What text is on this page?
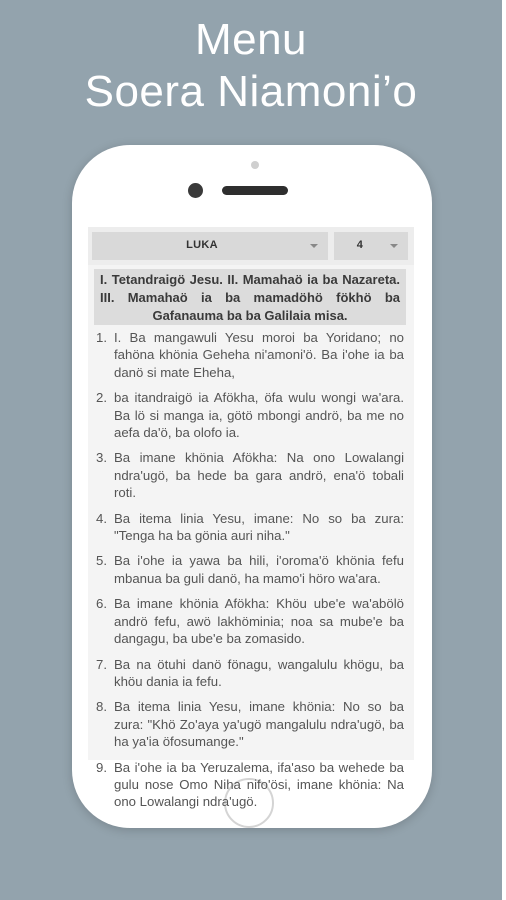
Menu
Soera Niamoni’o
LUKA	4
I. Tetandraigö Jesu. II. Mamahaö ia ba Nazareta. III. Mamahaö ia ba mamadöhö fökhö ba Gafanauma ba ba Galilaia misa.
1. I. Ba mangawuli Yesu moroi ba Yoridano; no fahöna khönia Geheha ni'amoni'ö. Ba i'ohe ia ba danö si mate Eheha,
2. ba itandraigö ia Afökha, öfa wulu wongi wa'ara. Ba lö si manga ia, götö mbongi andrö, ba me no aefa da'ö, ba olofo ia.
3. Ba imane khönia Afökha: Na ono Lowalangi ndra'ugö, ba hede ba gara andrö, ena'ö tobali roti.
4. Ba itema linia Yesu, imane: No so ba zura: "Tenga ha ba gönia auri niha."
5. Ba i'ohe ia yawa ba hili, i'oroma'ö khönia fefu mbanua ba guli danö, ha mamo'i höro wa'ara.
6. Ba imane khönia Afökha: Khöu ube'e wa'abölö andrö fefu, awö lakhöminia; noa sa mube'e ba dangagu, ba ube'e ba zomasido.
7. Ba na ötuhi danö fönagu, wangalulu khögu, ba khöu dania ia fefu.
8. Ba itema linia Yesu, imane khönia: No so ba zura: "Khö Zo'aya ya'ugö mangalulu ndra'ugö, ba ha ya'ia öfosumange."
9. Ba i'ohe ia ba Yeruzalema, ifa'aso ba wehede ba gulu nose Omo Niha nifo'ösi, imane khönia: Na ono Lowalangi ndra'ugö.
